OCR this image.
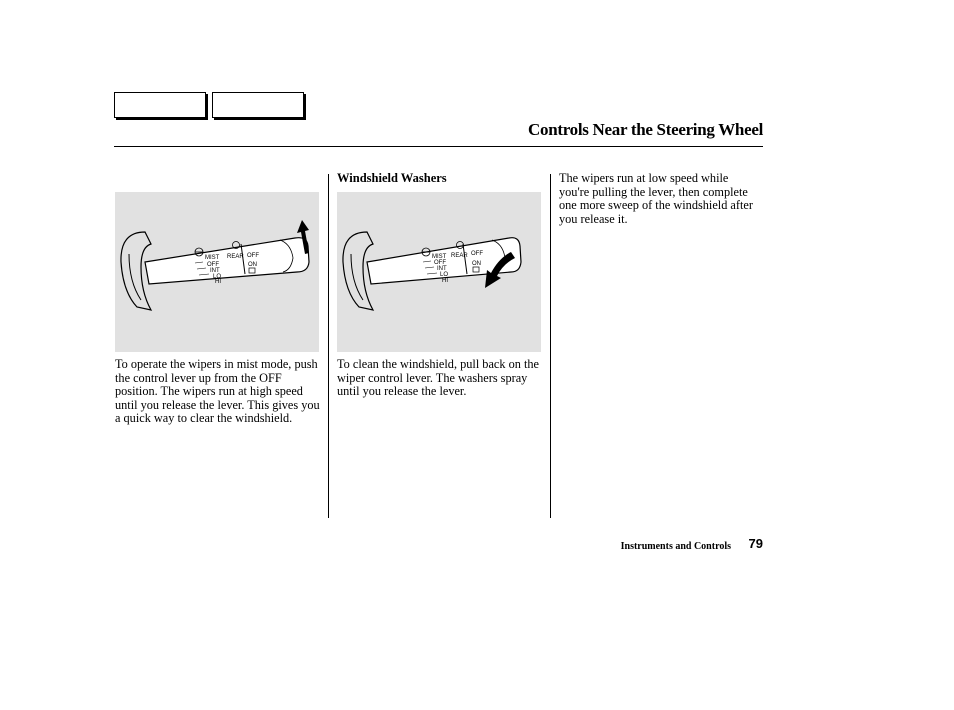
Controls Near the Steering Wheel
MIST
OFF
INT
LO
HI
REAR OFF
ON
MIST
OFF
INT
LO
HI
REAR OFF
ON
To operate the wipers in mist mode, push the control lever up from the OFF position. The wipers run at high speed until you release the lever. This gives you a quick way to clear the windshield.
Windshield Washers
To clean the windshield, pull back on the wiper control lever. The washers spray until you release the lever.
The wipers run at low speed while you're pulling the lever, then complete one more sweep of the windshield after you release it.
Instruments and Controls 79
